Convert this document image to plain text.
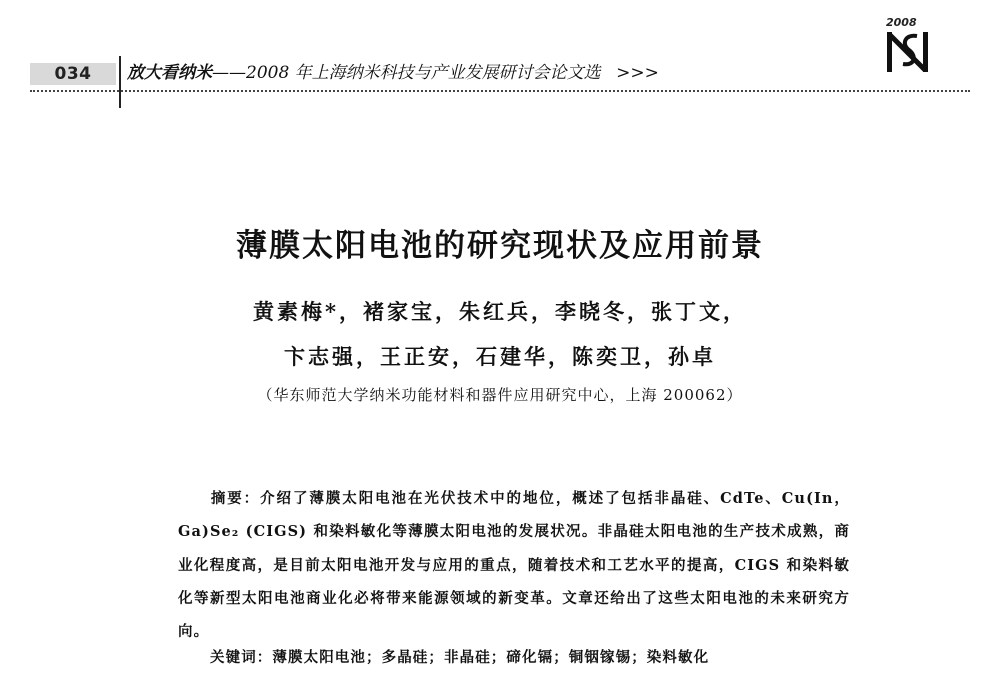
034	放大看纳米——2008 年上海纳米科技与产业发展研讨会论文选 >>>
2008
薄膜太阳电池的研究现状及应用前景
黄素梅*，褚家宝，朱红兵，李晓冬，张丁文，
卞志强，王正安，石建华，陈奕卫，孙卓
（华东师范大学纳米功能材料和器件应用研究中心，上海 200062）
摘要：介绍了薄膜太阳电池在光伏技术中的地位，概述了包括非晶硅、CdTe、Cu(In，Ga)Se₂ (CIGS) 和染料敏化等薄膜太阳电池的发展状况。非晶硅太阳电池的生产技术成熟，商业化程度高，是目前太阳电池开发与应用的重点，随着技术和工艺水平的提高，CIGS 和染料敏化等新型太阳电池商业化必将带来能源领域的新变革。文章还给出了这些太阳电池的未来研究方向。
关键词：薄膜太阳电池；多晶硅；非晶硅；碲化镉；铜铟镓锡；染料敏化
